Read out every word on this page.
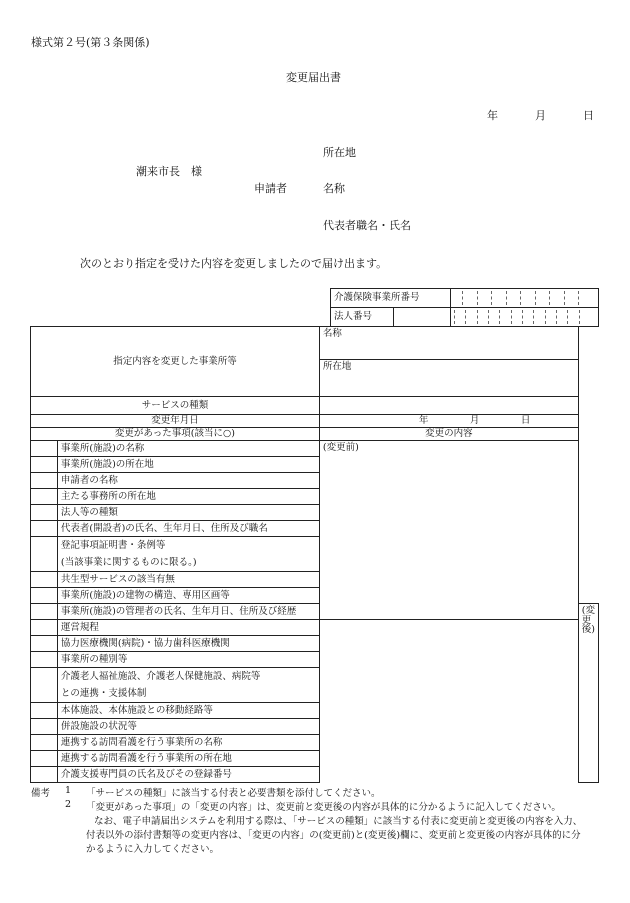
様式第２号(第３条関係)
変更届出書
年	月	日
所在地
潮来市長　様
申請者	名称
代表者職名・氏名
次のとおり指定を受けた内容を変更しましたので届け出ます。
介護保険事業所番号	

法人番号

指定内容を変更した事業所等		名称	
		所在地	
サービスの種類			
変更年月日		年 月 日	

変更があった事項(該当に○)		変更の内容	
	事業所(施設)の名称	(変更前)	
	事業所(施設)の所在地		
	申請者の名称		
	主たる事務所の所在地		
	法人等の種類		
	代表者(開設者)の氏名、生年月日、住所及び職名		
	登記事項証明書・条例等
(当該事業に関するものに限る。)		
	共生型サービスの該当有無		
	事業所(施設)の建物の構造、専用区画等		
	事業所(施設)の管理者の氏名、生年月日、住所及び経歴		(変更後)
	運営規程		
	協力医療機関(病院)・協力歯科医療機関		
	事業所の種別等		
	介護老人福祉施設、介護老人保健施設、病院等
との連携・支援体制		
	本体施設、本体施設との移動経路等		
	併設施設の状況等		
	連携する訪問看護を行う事業所の名称		
	連携する訪問看護を行う事業所の所在地		
	介護支援専門員の氏名及びその登録番号		
備考 1 「サービスの種類」に該当する付表と必要書類を添付してください。
2 「変更があった事項」の「変更の内容」は、変更前と変更後の内容が具体的に分かるように記入してください。
なお、電子申請届出システムを利用する際は、「サービスの種類」に該当する付表に変更前と変更後の内容を入力、
付表以外の添付書類等の変更内容は、「変更の内容」の(変更前)と(変更後)欄に、変更前と変更後の内容が具体的に分
かるように入力してください。
